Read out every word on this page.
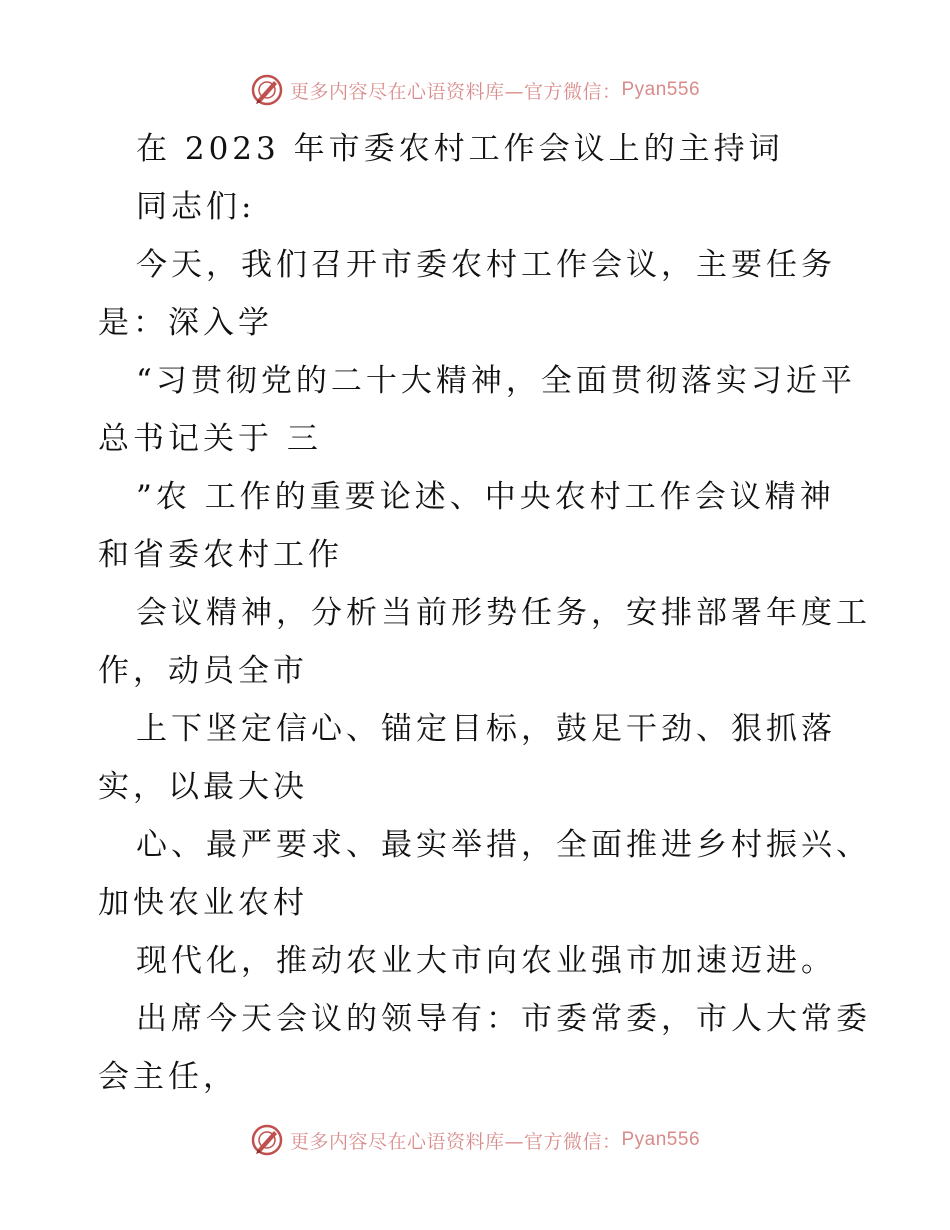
更多内容尽在心语资料库—官方微信： Pyan556
在 2023 年市委农村工作会议上的主持词
同志们:
今天，我们召开市委农村工作会议，主要任务
是：深入学
“习贯彻党的二十大精神，全面贯彻落实习近平
总书记关于 三
”农 工作的重要论述、中央农村工作会议精神
和省委农村工作
会议精神，分析当前形势任务，安排部署年度工
作，动员全市
上下坚定信心、锚定目标，鼓足干劲、狠抓落
实，以最大决
心、最严要求、最实举措，全面推进乡村振兴、
加快农业农村
现代化，推动农业大市向农业强市加速迈进。
出席今天会议的领导有：市委常委，市人大常委
会主任，
更多内容尽在心语资料库—官方微信： Pyan556
